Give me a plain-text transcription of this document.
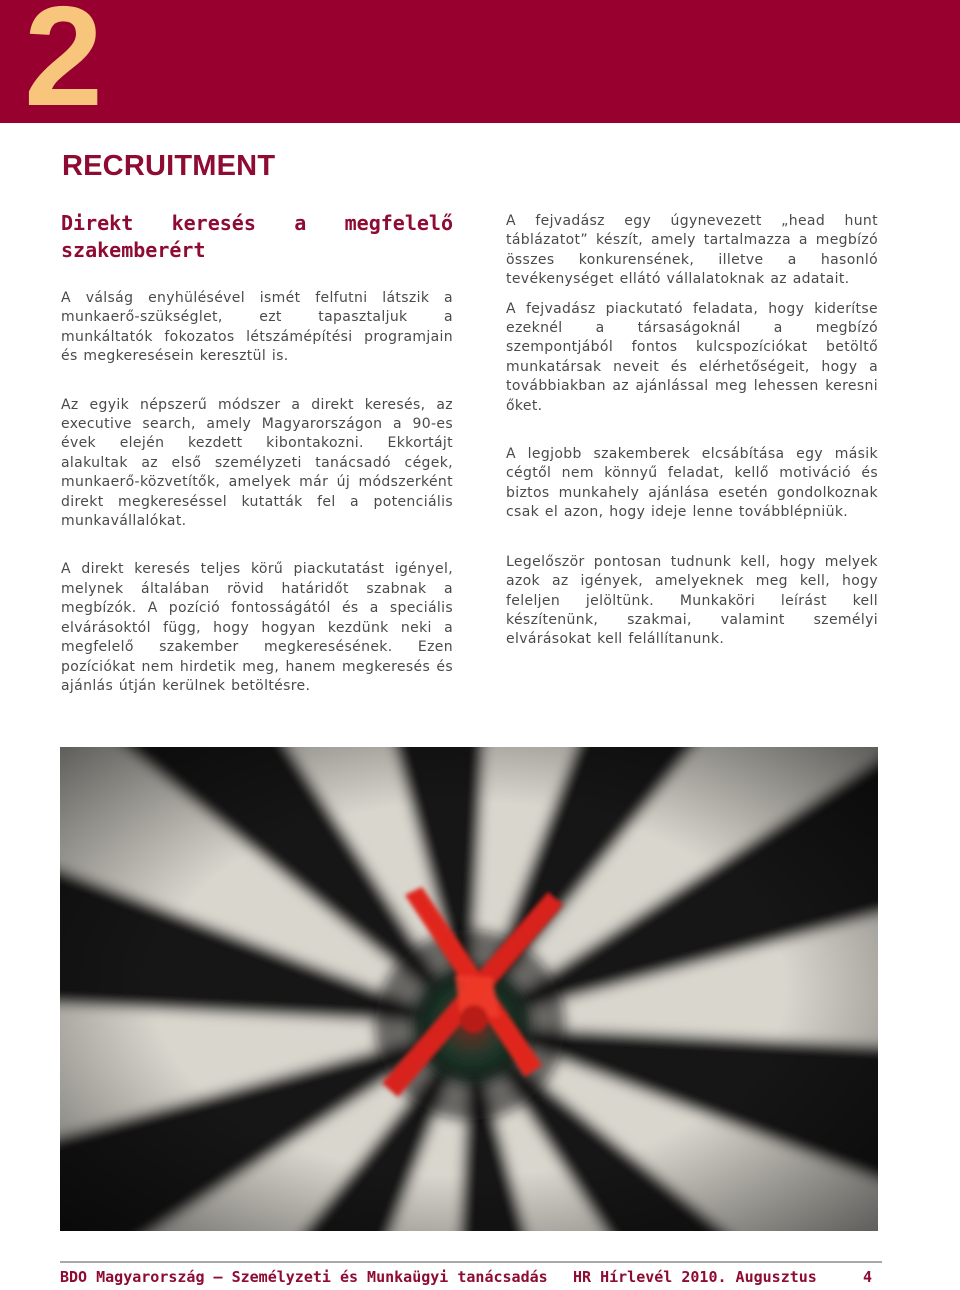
2
RECRUITMENT
Direkt keresés a megfelelő szakemberért

A válság enyhülésével ismét felfutni látszik a munkaerő-szükséglet, ezt tapasztaljuk a munkáltatók fokozatos létszámépítési programjain és megkeresésein keresztül is.

Az egyik népszerű módszer a direkt keresés, az executive search, amely Magyarországon a 90-es évek elején kezdett kibontakozni. Ekkortájt alakultak az első személyzeti tanácsadó cégek, munkaerő-közvetítők, amelyek már új módszerként direkt megkereséssel kutatták fel a potenciális munkavállalókat.

A direkt keresés teljes körű piackutatást igényel, melynek általában rövid határidőt szabnak a megbízók. A pozíció fontosságától és a speciális elvárásoktól függ, hogy hogyan kezdünk neki a megfelelő szakember megkeresésének. Ezen pozíciókat nem hirdetik meg, hanem megkeresés és ajánlás útján kerülnek betöltésre.

A fejvadász egy úgynevezett „head hunt táblázatot” készít, amely tartalmazza a megbízó összes konkurensének, illetve a hasonló tevékenységet ellátó vállalatoknak az adatait.

A fejvadász piackutató feladata, hogy kiderítse ezeknél a társaságoknál a megbízó szempontjából fontos kulcspozíciókat betöltő munkatársak neveit és elérhetőségeit, hogy a továbbiakban az ajánlással meg lehessen keresni őket.

A legjobb szakemberek elcsábítása egy másik cégtől nem könnyű feladat, kellő motiváció és biztos munkahely ajánlása esetén gondolkoznak csak el azon, hogy ideje lenne továbblépniük.

Legelőször pontosan tudnunk kell, hogy melyek azok az igények, amelyeknek meg kell, hogy feleljen jelöltünk. Munkaköri leírást kell készítenünk, szakmai, valamint személyi elvárásokat kell felállítanunk.

BDO Magyarország – Személyzeti és Munkaügyi tanácsadás HR Hírlevél 2010. Augusztus	4
